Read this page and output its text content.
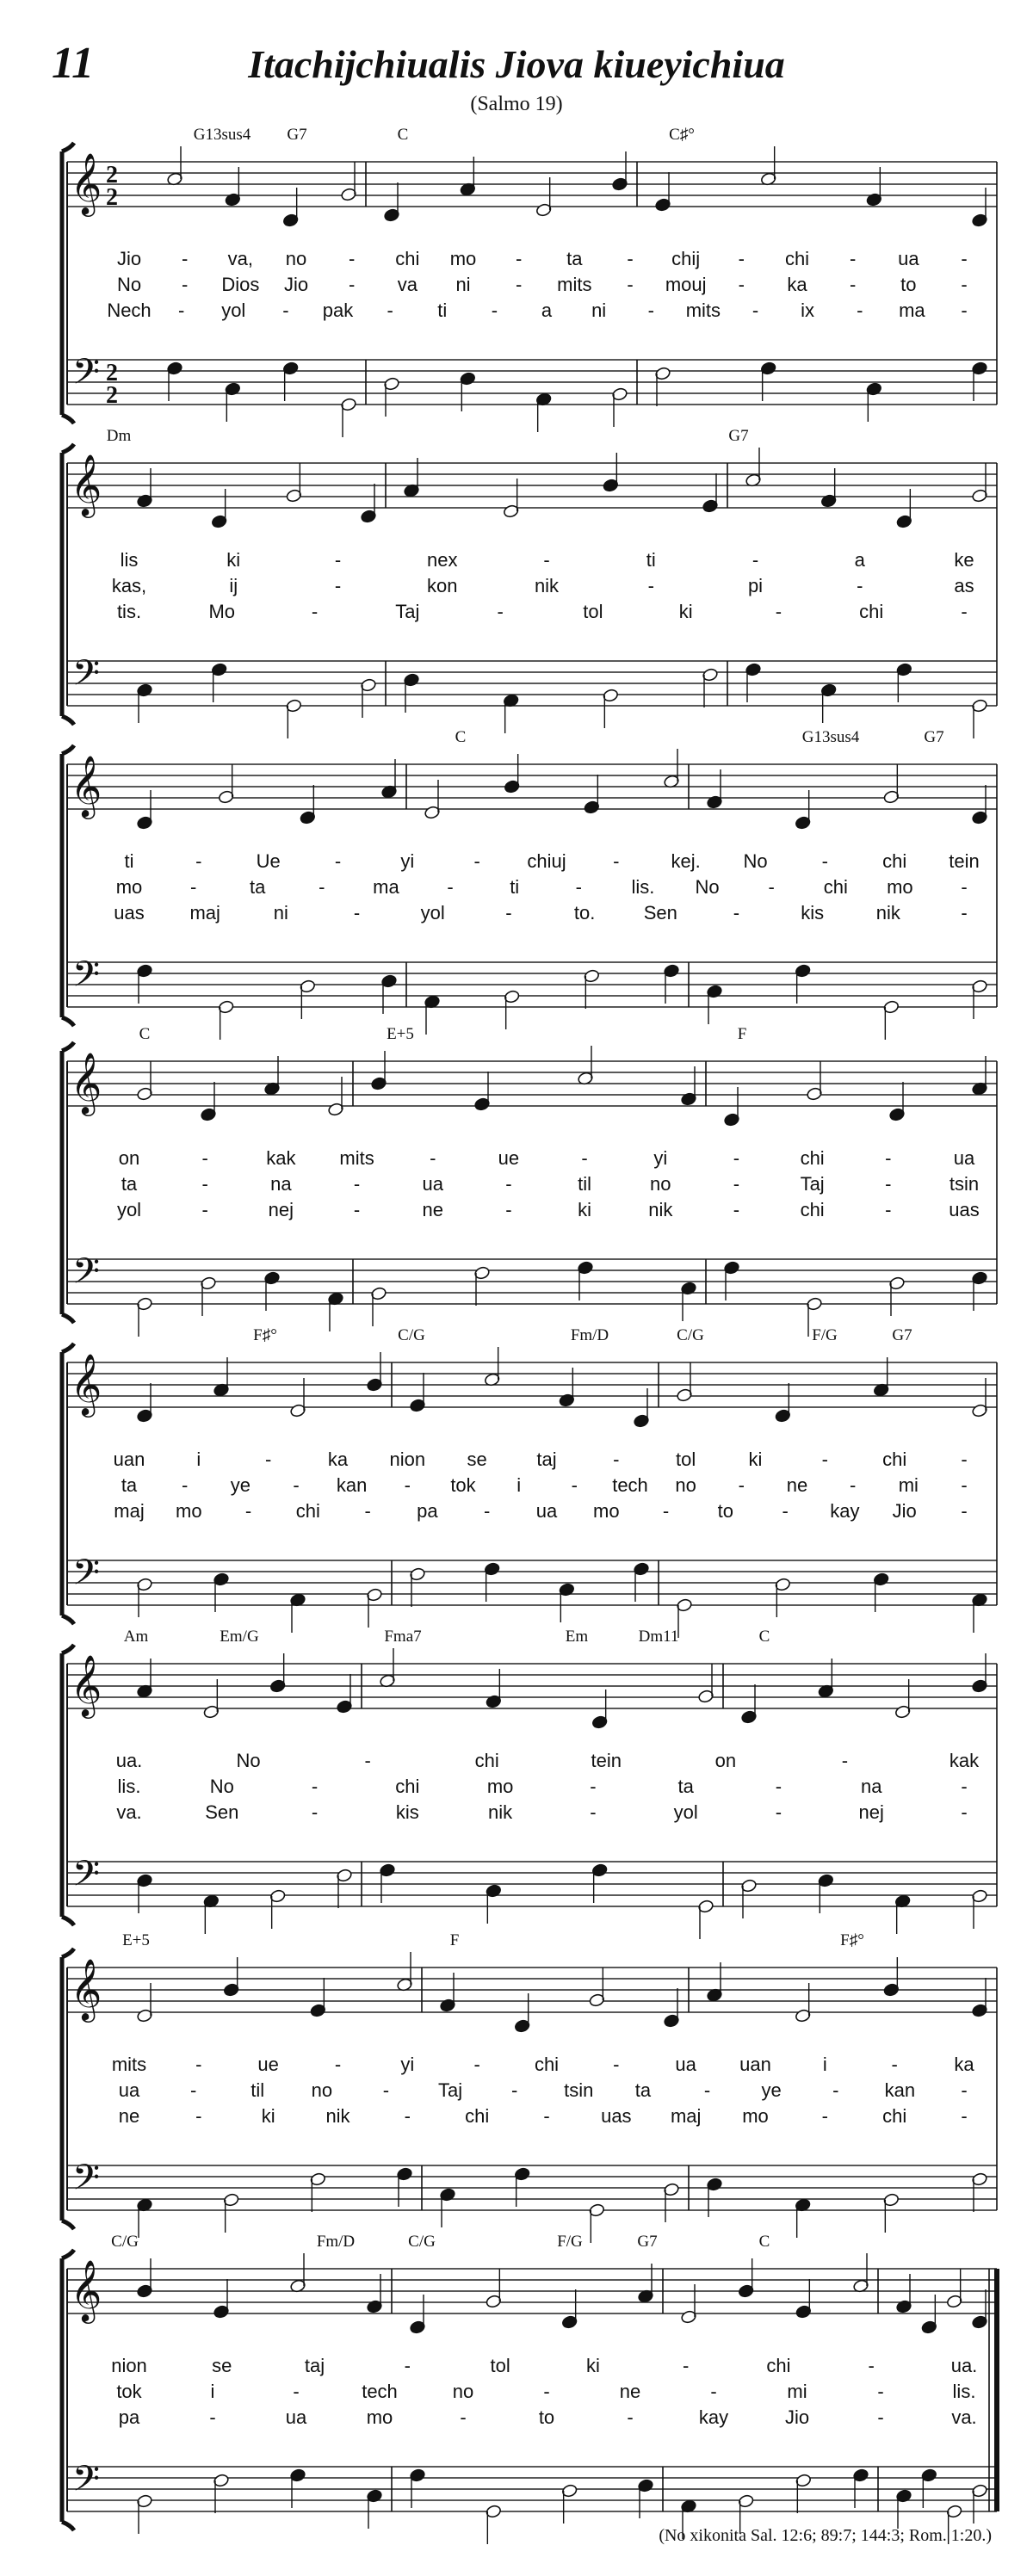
11	Itachijchiualis Jiova kiueyichiua
(Salmo 19)
𝄞
𝄢
2
2
2
2
G13sus4 G7	C	C♯°
Jio - va, no - chi mo - ta - chij - chi - ua -
No - Dios Jio - va ni - mits - mouj - ka - to -
Nech - yol - pak - ti - a ni - mits - ix - ma -
𝄞
𝄢
Dm	G7
lis	ki	-	nex	-	ti	-	a	ke
kas,	ij	-	kon	nik	-	pi	-	as
tis.	Mo	-	Taj	-	tol	ki	-	chi	-
𝄞
𝄢
C	G13sus4	G7
ti	-	Ue	-	yi	- chiuj -	kej. No	-	chi tein
mo	-	ta	-	ma	-	ti	-	lis. No	-	chi mo	-
uas maj	ni	-	yol	-	to.	Sen	-	kis	nik	-
𝄞
𝄢
C	E+5	F
on	-	kak mits	-	ue	-	yi	-	chi	-	ua
ta	-	na	-	ua	-	til	no	-	Taj	-	tsin
yol	-	nej	-	ne	-	ki	nik	-	chi	-	uas
𝄞
𝄢
F♯°	C/G	Fm/D	C/G	F/G	G7
uan	i	-	ka nion se	taj	-	tol	ki	-	chi	-
ta - ye - kan - tok i	- tech no - ne - mi -
maj mo - chi - pa - ua mo -	to	- kay Jio -
𝄞
𝄢
Am	Em/G	Fma7	Em	Dm11	C
ua.	No	-	chi	tein	on	-	kak
lis.	No	-	chi	mo	-	ta	-	na	-
va.	Sen	-	kis	nik	-	yol	-	nej	-
𝄞
𝄢
E+5	F	F♯°
mits	-	ue	-	yi	-	chi	-	ua uan	i	-	ka
ua	-	til no	-	Taj	- tsin ta	-	ye	- kan -
ne	-	ki	nik	-	chi	-	uas maj mo	-	chi	-
𝄞
𝄢
C/G	Fm/D	C/G	F/G	G7	C
nion	se	taj	-	tol	ki	-	chi	-	ua.
tok	i	-	tech	no	-	ne	-	mi	-	lis.
pa	-	ua	mo	-	to	-	kay	Jio	-	va.
(No xikonita Sal. 12:6; 89:7; 144:3; Rom. 1:20.)
